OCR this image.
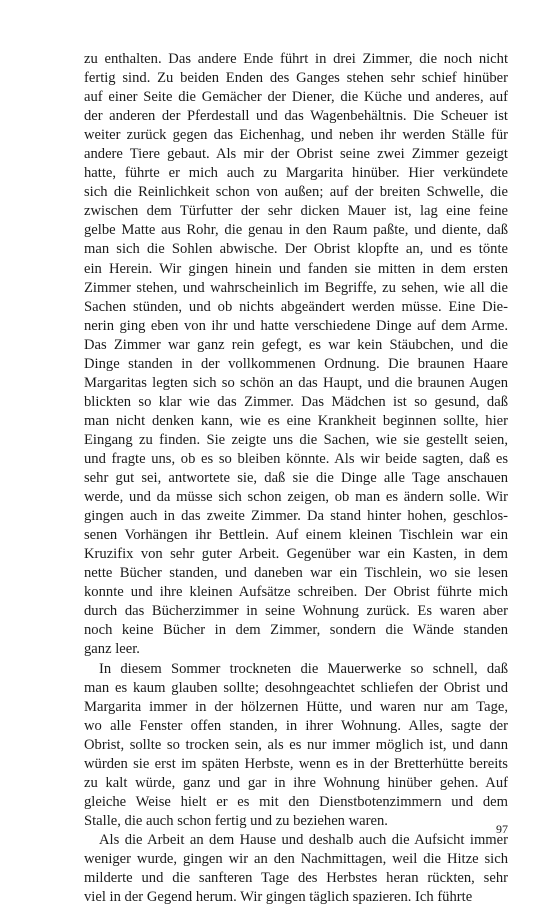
zu enthalten. Das andere Ende führt in drei Zimmer, die noch nicht
fertig sind. Zu beiden Enden des Ganges stehen sehr schief hinüber
auf einer Seite die Gemächer der Diener, die Küche und anderes, auf
der anderen der Pferdestall und das Wagenbehältnis. Die Scheuer ist
weiter zurück gegen das Eichenhag, und neben ihr werden Ställe für
andere Tiere gebaut. Als mir der Obrist seine zwei Zimmer gezeigt
hatte, führte er mich auch zu Margarita hinüber. Hier verkündete
sich die Reinlichkeit schon von außen; auf der breiten Schwelle, die
zwischen dem Türfutter der sehr dicken Mauer ist, lag eine feine
gelbe Matte aus Rohr, die genau in den Raum paßte, und diente, daß
man sich die Sohlen abwische. Der Obrist klopfte an, und es tönte
ein Herein. Wir gingen hinein und fanden sie mitten in dem ersten
Zimmer stehen, und wahrscheinlich im Begriffe, zu sehen, wie all die
Sachen stünden, und ob nichts abgeändert werden müsse. Eine Die-
nerin ging eben von ihr und hatte verschiedene Dinge auf dem Arme.
Das Zimmer war ganz rein gefegt, es war kein Stäubchen, und die
Dinge standen in der vollkommenen Ordnung. Die braunen Haare
Margaritas legten sich so schön an das Haupt, und die braunen Augen
blickten so klar wie das Zimmer. Das Mädchen ist so gesund, daß
man nicht denken kann, wie es eine Krankheit beginnen sollte, hier
Eingang zu finden. Sie zeigte uns die Sachen, wie sie gestellt seien,
und fragte uns, ob es so bleiben könnte. Als wir beide sagten, daß es
sehr gut sei, antwortete sie, daß sie die Dinge alle Tage anschauen
werde, und da müsse sich schon zeigen, ob man es ändern solle. Wir
gingen auch in das zweite Zimmer. Da stand hinter hohen, geschlos-
senen Vorhängen ihr Bettlein. Auf einem kleinen Tischlein war ein
Kruzifix von sehr guter Arbeit. Gegenüber war ein Kasten, in dem
nette Bücher standen, und daneben war ein Tischlein, wo sie lesen
konnte und ihre kleinen Aufsätze schreiben. Der Obrist führte mich
durch das Bücherzimmer in seine Wohnung zurück. Es waren aber
noch keine Bücher in dem Zimmer, sondern die Wände standen
ganz leer.
In diesem Sommer trockneten die Mauerwerke so schnell, daß
man es kaum glauben sollte; desohngeachtet schliefen der Obrist und
Margarita immer in der hölzernen Hütte, und waren nur am Tage,
wo alle Fenster offen standen, in ihrer Wohnung. Alles, sagte der
Obrist, sollte so trocken sein, als es nur immer möglich ist, und dann
würden sie erst im späten Herbste, wenn es in der Bretterhütte bereits
zu kalt würde, ganz und gar in ihre Wohnung hinüber gehen. Auf
gleiche Weise hielt er es mit den Dienstbotenzimmern und dem
Stalle, die auch schon fertig und zu beziehen waren.
Als die Arbeit an dem Hause und deshalb auch die Aufsicht immer
weniger wurde, gingen wir an den Nachmittagen, weil die Hitze sich
milderte und die sanfteren Tage des Herbstes heran rückten, sehr
viel in der Gegend herum. Wir gingen täglich spazieren. Ich führte
97
